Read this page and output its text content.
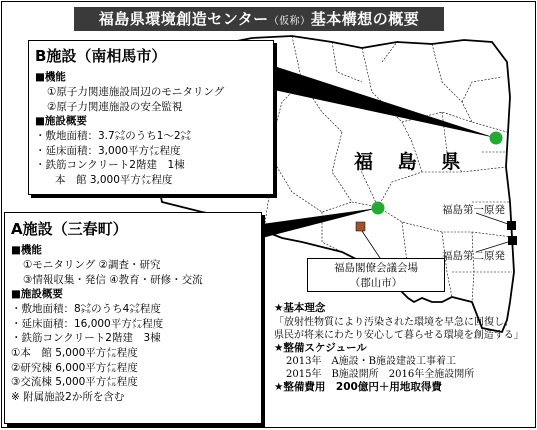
福島県環境創造センター（仮称）基本構想の概要
福 島 県
B施設（南相馬市）
■機能
①原子力関連施設周辺のモニタリング
②原子力関連施設の安全監視
■施設概要
・敷地面積：3.7㌶のうち1～2㌶
・延床面積：3,000平方㍍程度
・鉄筋コンクリート2階建　1棟
本　館 3,000平方㍍程度
A施設（三春町）
■機能
①モニタリング ②調査・研究
③情報収集・発信 ④教育・研修・交流
■施設概要
・敷地面積：8㌶のうち4㌶程度
・延床面積：16,000平方㍍程度
・鉄筋コンクリート2階建　3棟
①本　館 5,000平方㍍程度
②研究棟 6,000平方㍍程度
③交流棟 5,000平方㍍程度
※ 附属施設2か所を含む
福島閣僚会議会場
（郡山市）
福島第一原発
福島第二原発
★基本理念
「放射性物質により汚染された環境を早急に回復し、
県民が将来にわたり安心して暮らせる環境を創造する」
★整備スケジュール
2013年　A施設・B施設建設工事着工
2015年　B施設開所　2016年全施設開所
★整備費用　 200億円＋用地取得費
